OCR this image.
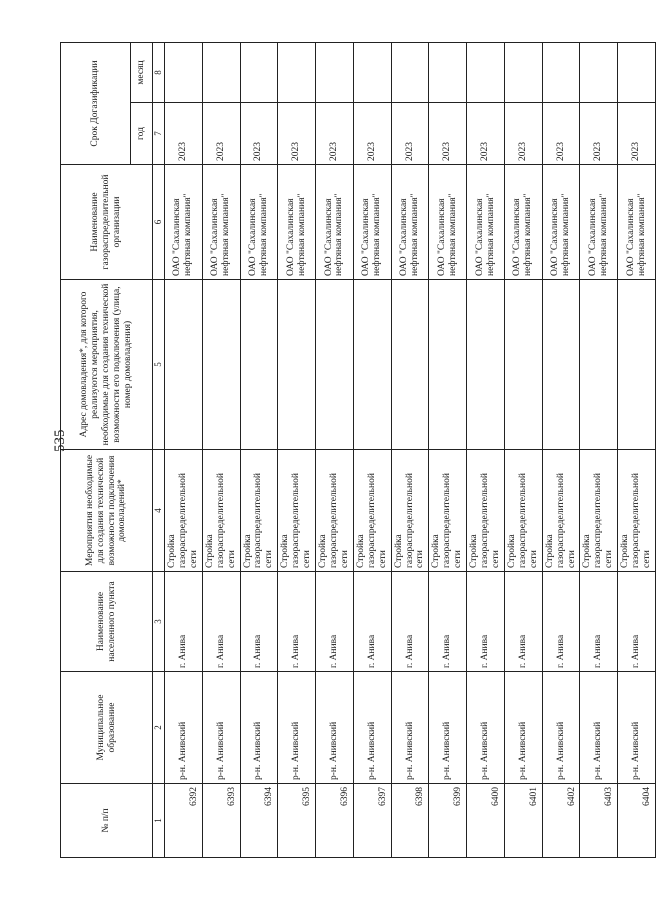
535
№ п/п	Муниципальное образование	Наименование населенного пункта	Мероприятия необходимые для создания технической возможности подключения домовладений*	Адрес домовладения*, для которого реализуются мероприятия, необходимые для создания технической возможности его подключения (улица, номер домовладения)	Наименование газораспределительной организации	Срок Догазификации	
						год	месяц
1	2	3	4	5	6	7	8
6392	р-н. Анивский	г. Анива	Стройка газораспределительной сети		ОАО "Сахалинская нефтяная компания"	2023	
6393	р-н. Анивский	г. Анива	Стройка газораспределительной сети		ОАО "Сахалинская нефтяная компания"	2023	
6394	р-н. Анивский	г. Анива	Стройка газораспределительной сети		ОАО "Сахалинская нефтяная компания"	2023	
6395	р-н. Анивский	г. Анива	Стройка газораспределительной сети		ОАО "Сахалинская нефтяная компания"	2023	
6396	р-н. Анивский	г. Анива	Стройка газораспределительной сети		ОАО "Сахалинская нефтяная компания"	2023	
6397	р-н. Анивский	г. Анива	Стройка газораспределительной сети		ОАО "Сахалинская нефтяная компания"	2023	
6398	р-н. Анивский	г. Анива	Стройка газораспределительной сети		ОАО "Сахалинская нефтяная компания"	2023	
6399	р-н. Анивский	г. Анива	Стройка газораспределительной сети		ОАО "Сахалинская нефтяная компания"	2023	
6400	р-н. Анивский	г. Анива	Стройка газораспределительной сети		ОАО "Сахалинская нефтяная компания"	2023	
6401	р-н. Анивский	г. Анива	Стройка газораспределительной сети		ОАО "Сахалинская нефтяная компания"	2023	
6402	р-н. Анивский	г. Анива	Стройка газораспределительной сети		ОАО "Сахалинская нефтяная компания"	2023	
6403	р-н. Анивский	г. Анива	Стройка газораспределительной сети		ОАО "Сахалинская нефтяная компания"	2023	
6404	р-н. Анивский	г. Анива	Стройка газораспределительной сети		ОАО "Сахалинская нефтяная компания"	2023	
